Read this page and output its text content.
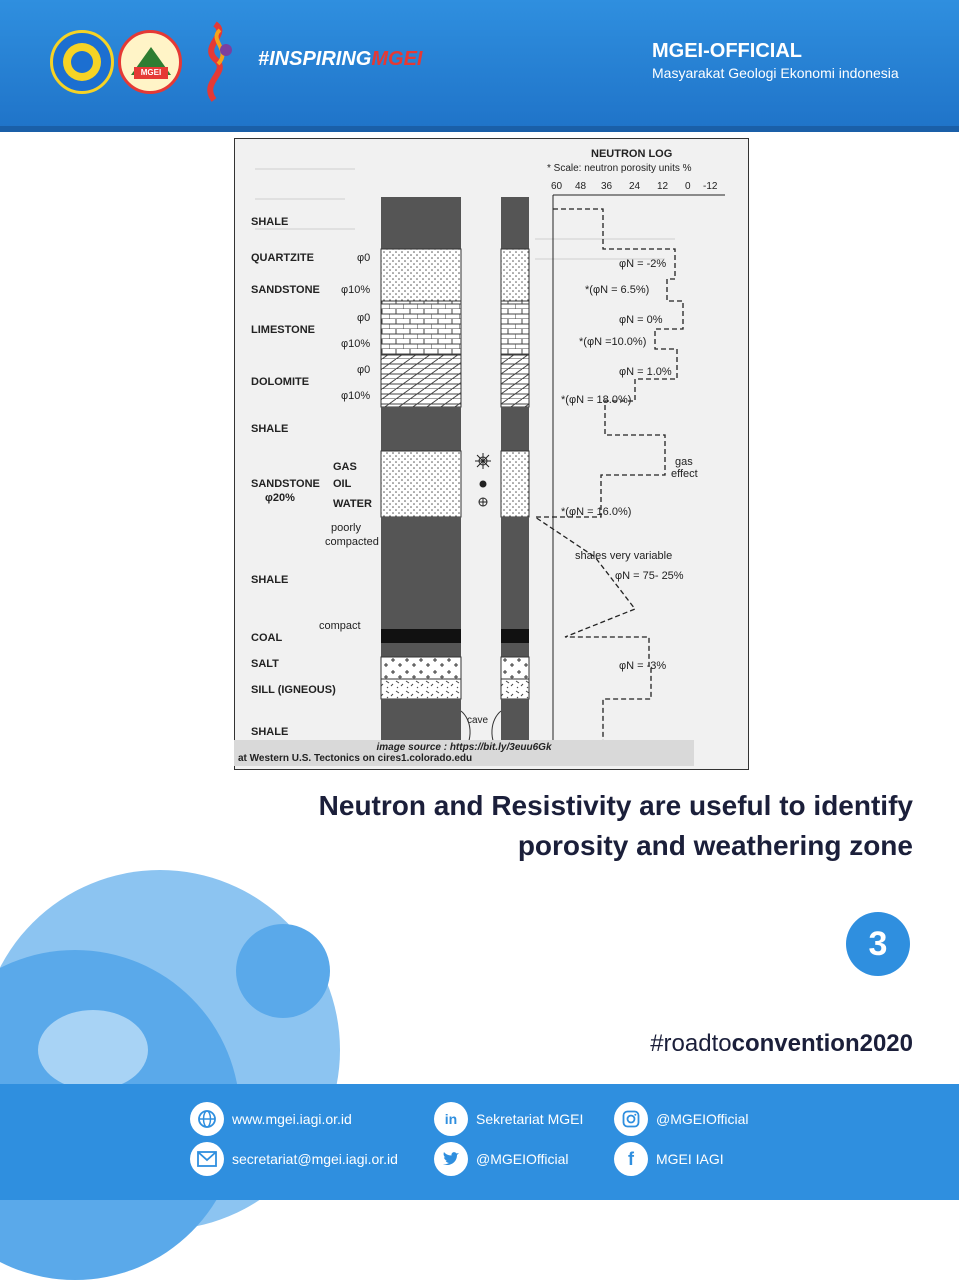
MGEI
#INSPIRINGMGEI	MGEI-OFFICIAL
Masyarakat Geologi Ekonomi indonesia
SHALE
QUARTZITE
SANDSTONE
LIMESTONE
DOLOMITE
SHALE
GAS
SANDSTONE
φ20%
OIL
WATER
poorly
compacted
SHALE
compact
COAL
SALT
SILL (IGNEOUS)
SHALE
φ0
φ10%
φ0
φ10%
φ0
φ10%
NEUTRON LOG
* Scale: neutron porosity units %
60 48 36 24 12 0 -12
φN = -2%
*(φN = 6.5%)
φN = 0%
*(φN =10.0%)
φN = 1.0%
*(φN = 18.0%)
gas
effect
*(φN = 16.0%)
shales very variable
φN = 75- 25%
φN = -3%
cave
image source : https://bit.ly/3euu6Gk
at Western U.S. Tectonics on cires1.colorado.edu
Neutron and Resistivity are useful to identify
porosity and weathering zone
3
#roadtoconvention2020
www.mgei.iagi.or.id
secretariat@mgei.iagi.or.id
in	Sekretariat MGEI
@MGEIOfficial
@MGEIOfficial
f	MGEI IAGI
